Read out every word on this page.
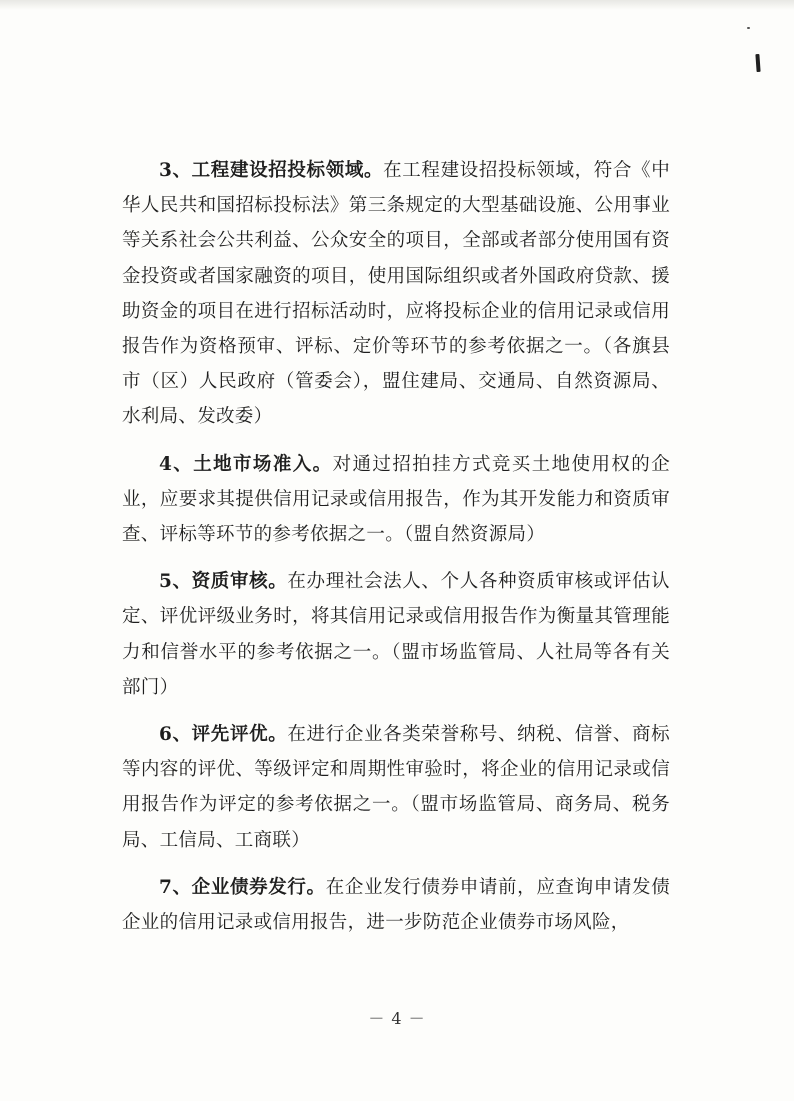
3、工程建设招投标领域。在工程建设招投标领域，符合《中华人民共和国招标投标法》第三条规定的大型基础设施、公用事业等关系社会公共利益、公众安全的项目，全部或者部分使用国有资金投资或者国家融资的项目，使用国际组织或者外国政府贷款、援助资金的项目在进行招标活动时，应将投标企业的信用记录或信用报告作为资格预审、评标、定价等环节的参考依据之一。（各旗县市（区）人民政府（管委会），盟住建局、交通局、自然资源局、水利局、发改委）

4、土地市场准入。对通过招拍挂方式竞买土地使用权的企业，应要求其提供信用记录或信用报告，作为其开发能力和资质审查、评标等环节的参考依据之一。（盟自然资源局）

5、资质审核。在办理社会法人、个人各种资质审核或评估认定、评优评级业务时，将其信用记录或信用报告作为衡量其管理能力和信誉水平的参考依据之一。（盟市场监管局、人社局等各有关部门）

6、评先评优。在进行企业各类荣誉称号、纳税、信誉、商标等内容的评优、等级评定和周期性审验时，将企业的信用记录或信用报告作为评定的参考依据之一。（盟市场监管局、商务局、税务局、工信局、工商联）

7、企业债券发行。在企业发行债券申请前，应查询申请发债企业的信用记录或信用报告，进一步防范企业债券市场风险，

－ 4 －
